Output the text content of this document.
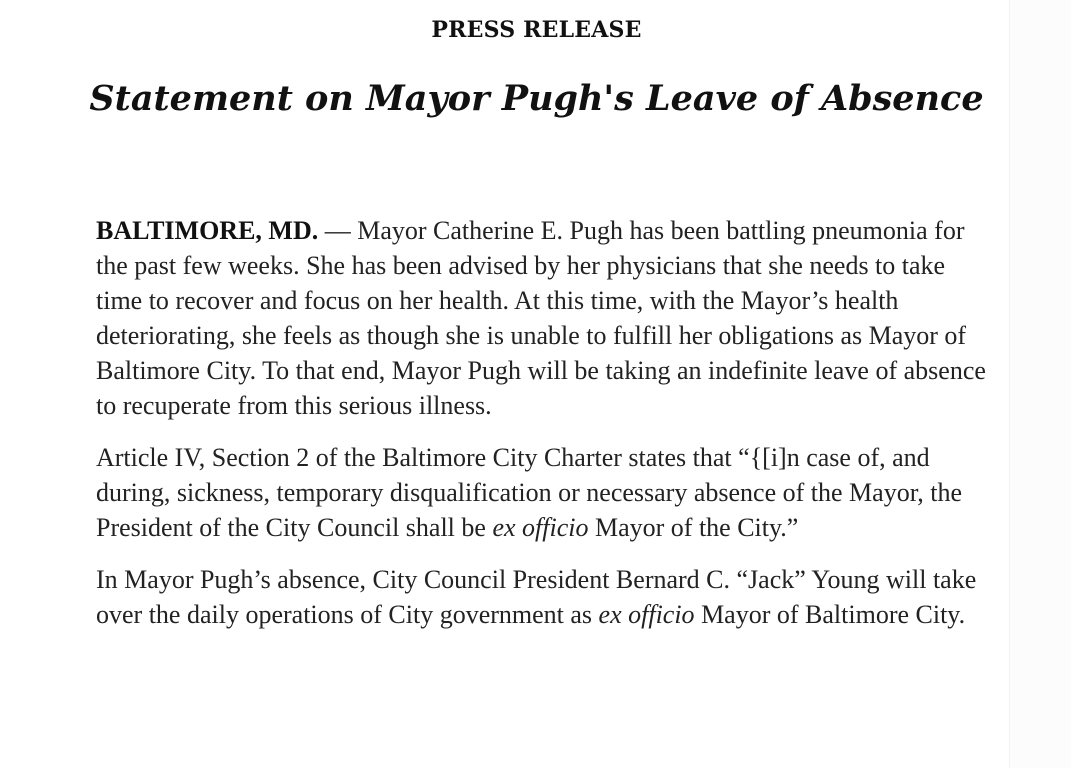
PRESS RELEASE
Statement on Mayor Pugh's Leave of Absence

BALTIMORE, MD. — Mayor Catherine E. Pugh has been battling pneumonia for the past few weeks. She has been advised by her physicians that she needs to take time to recover and focus on her health. At this time, with the Mayor’s health deteriorating, she feels as though she is unable to fulfill her obligations as Mayor of Baltimore City. To that end, Mayor Pugh will be taking an indefinite leave of absence to recuperate from this serious illness.

Article IV, Section 2 of the Baltimore City Charter states that “{[i]n case of, and during, sickness, temporary disqualification or necessary absence of the Mayor, the President of the City Council shall be ex officio Mayor of the City.”

In Mayor Pugh’s absence, City Council President Bernard C. “Jack” Young will take over the daily operations of City government as ex officio Mayor of Baltimore City.
